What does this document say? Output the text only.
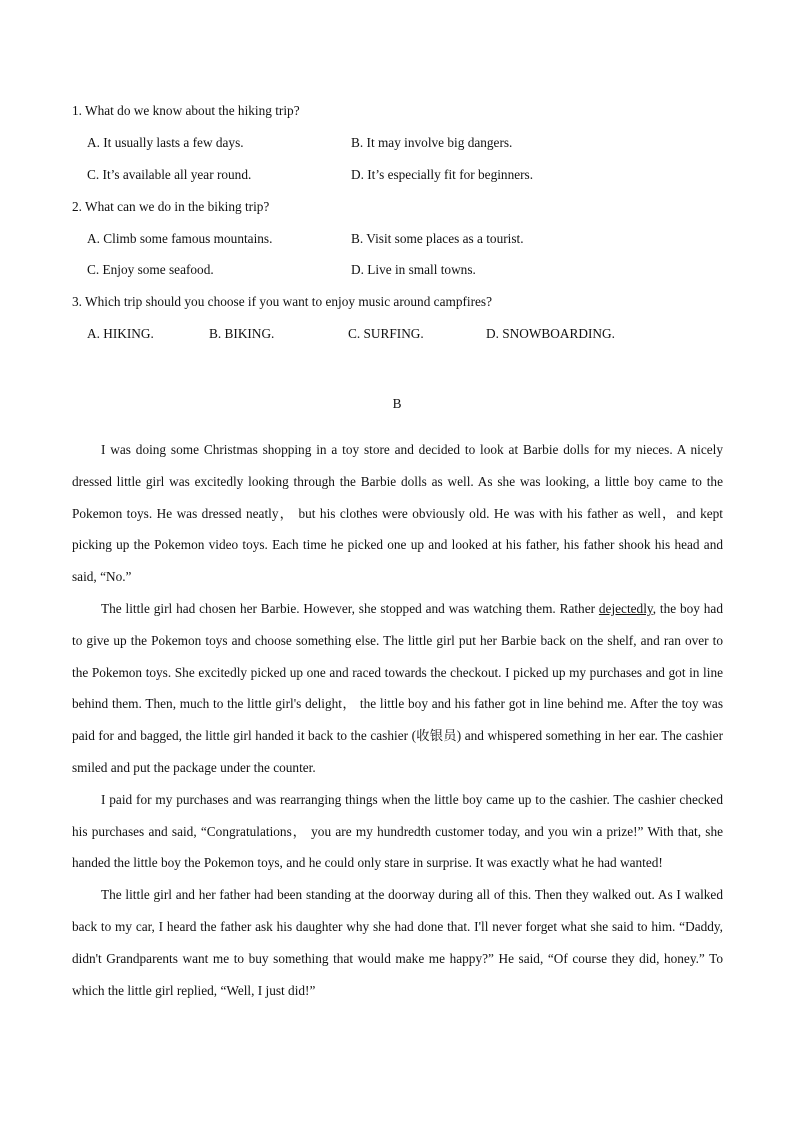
1. What do we know about the hiking trip?
A. It usually lasts a few days.	B. It may involve big dangers.
C. It’s available all year round.	D. It’s especially fit for beginners.
2. What can we do in the biking trip?
A. Climb some famous mountains.	B. Visit some places as a tourist.
C. Enjoy some seafood.	D. Live in small towns.
3. Which trip should you choose if you want to enjoy music around campfires?
A. HIKING.	B. BIKING.	C. SURFING.	D. SNOWBOARDING.
B

I was doing some Christmas shopping in a toy store and decided to look at Barbie dolls for my nieces. A nicely dressed little girl was excitedly looking through the Barbie dolls as well. As she was looking, a little boy came to the Pokemon toys. He was dressed neatly， but his clothes were obviously old. He was with his father as well，and kept picking up the Pokemon video toys. Each time he picked one up and looked at his father, his father shook his head and said, “No.”

The little girl had chosen her Barbie. However, she stopped and was watching them. Rather dejectedly, the boy had to give up the Pokemon toys and choose something else. The little girl put her Barbie back on the shelf, and ran over to the Pokemon toys. She excitedly picked up one and raced towards the checkout. I picked up my purchases and got in line behind them. Then, much to the little girl's delight， the little boy and his father got in line behind me. After the toy was paid for and bagged, the little girl handed it back to the cashier (收银员) and whispered something in her ear. The cashier smiled and put the package under the counter.

I paid for my purchases and was rearranging things when the little boy came up to the cashier. The cashier checked his purchases and said, “Congratulations， you are my hundredth customer today, and you win a prize!” With that, she handed the little boy the Pokemon toys, and he could only stare in surprise. It was exactly what he had wanted!

The little girl and her father had been standing at the doorway during all of this. Then they walked out. As I walked back to my car, I heard the father ask his daughter why she had done that. I'll never forget what she said to him. “Daddy, didn't Grandparents want me to buy something that would make me happy?” He said, “Of course they did, honey.” To which the little girl replied, “Well, I just did!”
